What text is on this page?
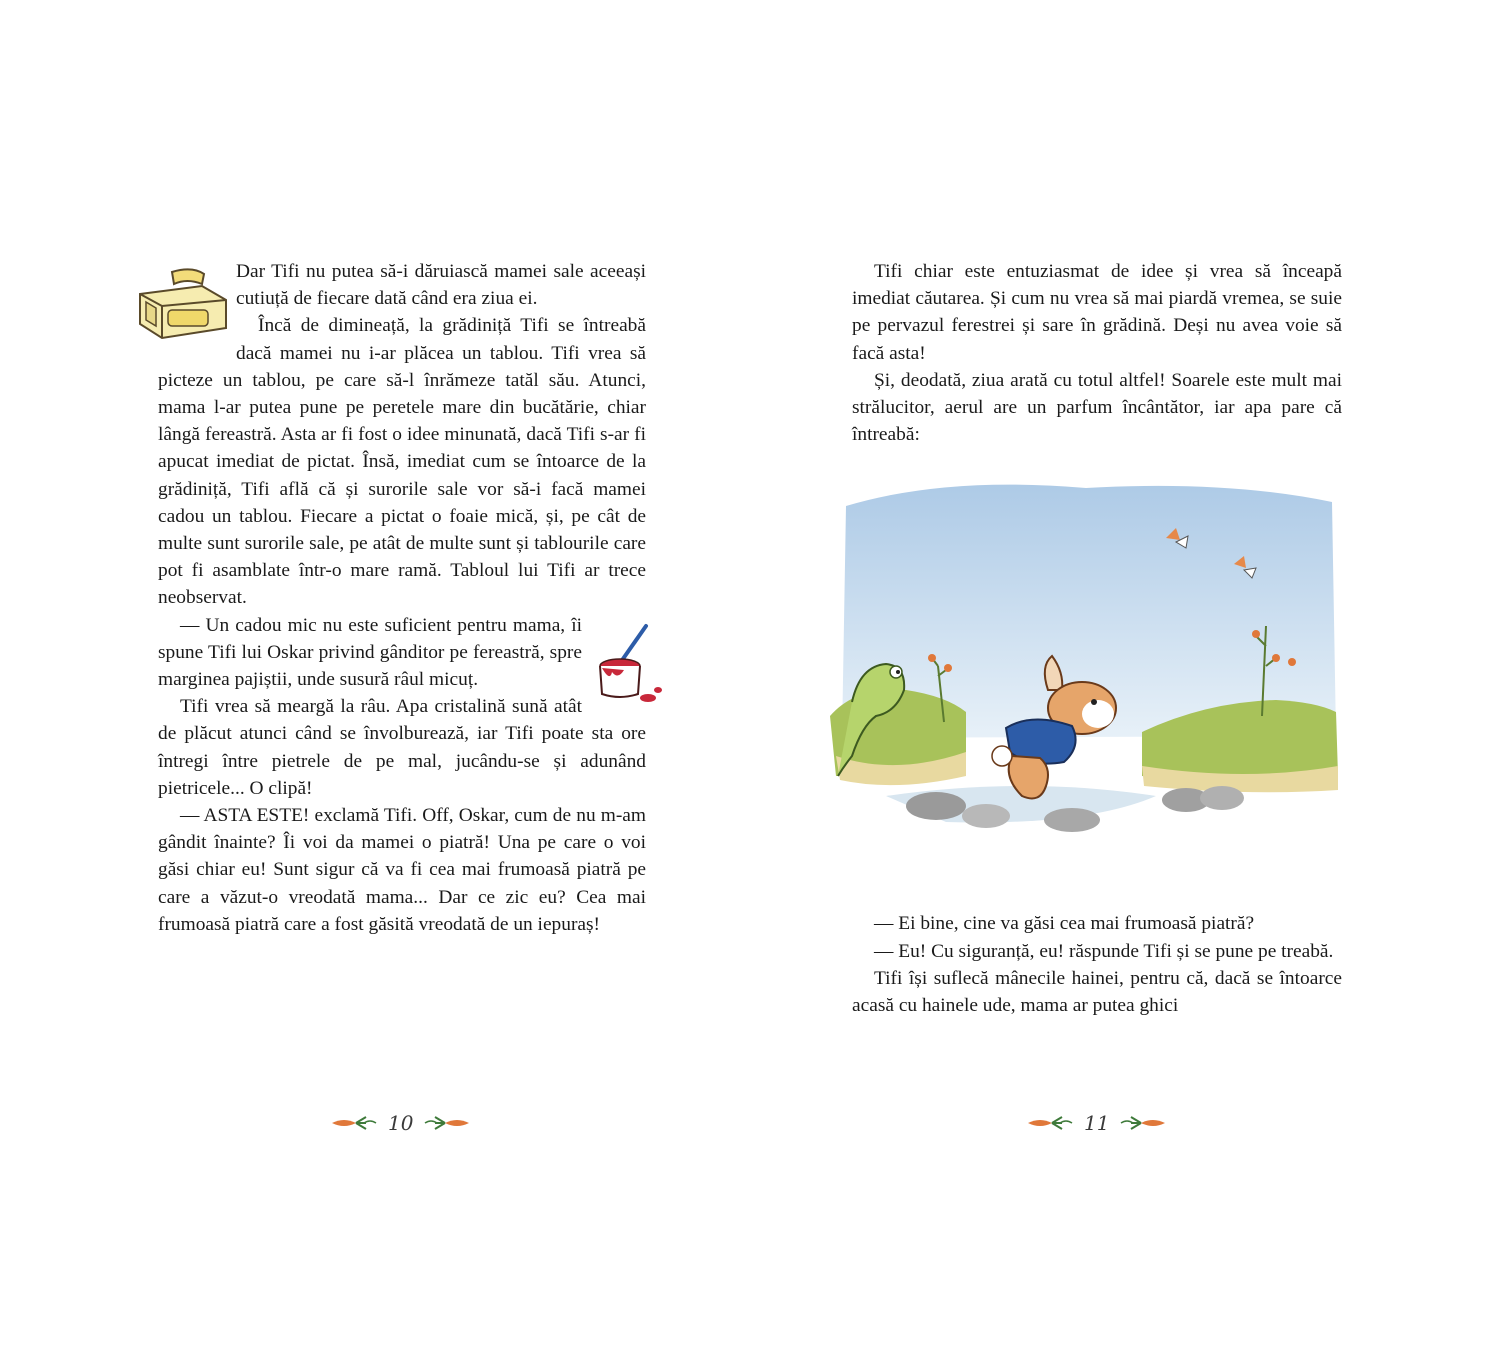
Dar Tifi nu putea să-i dăruiască mamei sale aceeași cutiuță de fiecare dată când era ziua ei.

Încă de dimineață, la grădiniță Tifi se întreabă dacă mamei nu i-ar plăcea un tablou. Tifi vrea să picteze un tablou, pe care să-l înrămeze tatăl său. Atunci, mama l-ar putea pune pe peretele mare din bucătărie, chiar lângă fereastră. Asta ar fi fost o idee minunată, dacă Tifi s-ar fi apucat imediat de pictat. Însă, imediat cum se întoarce de la grădiniță, Tifi află că și surorile sale vor să-i facă mamei cadou un tablou. Fiecare a pictat o foaie mică, și, pe cât de multe sunt surorile sale, pe atât de multe sunt și tablourile care pot fi asamblate într-o mare ramă. Tabloul lui Tifi ar trece neobservat.

— Un cadou mic nu este suficient pentru mama, îi spune Tifi lui Oskar privind gânditor pe fereastră, spre marginea pajiștii, unde susură râul micuț.

Tifi vrea să meargă la râu. Apa cristalină sună atât de plăcut atunci când se învolburează, iar Tifi poate sta ore întregi între pietrele de pe mal, jucându-se și adunând pietricele... O clipă!

— ASTA ESTE! exclamă Tifi. Off, Oskar, cum de nu m-am gândit înainte? Îi voi da mamei o piatră! Una pe care o voi găsi chiar eu! Sunt sigur că va fi cea mai frumoasă piatră pe care a văzut-o vreodată mama... Dar ce zic eu? Cea mai frumoasă piatră care a fost găsită vreodată de un iepuraș!

Tifi chiar este entuziasmat de idee și vrea să înceapă imediat căutarea. Și cum nu vrea să mai piardă vremea, se suie pe pervazul ferestrei și sare în grădină. Deși nu avea voie să facă asta!

Și, deodată, ziua arată cu totul altfel! Soarele este mult mai strălucitor, aerul are un parfum încântător, iar apa pare că întreabă:

— Ei bine, cine va găsi cea mai frumoasă piatră?

— Eu! Cu siguranță, eu! răspunde Tifi și se pune pe treabă.

Tifi își suflecă mânecile hainei, pentru că, dacă se întoarce acasă cu hainele ude, mama ar putea ghici

10	11
